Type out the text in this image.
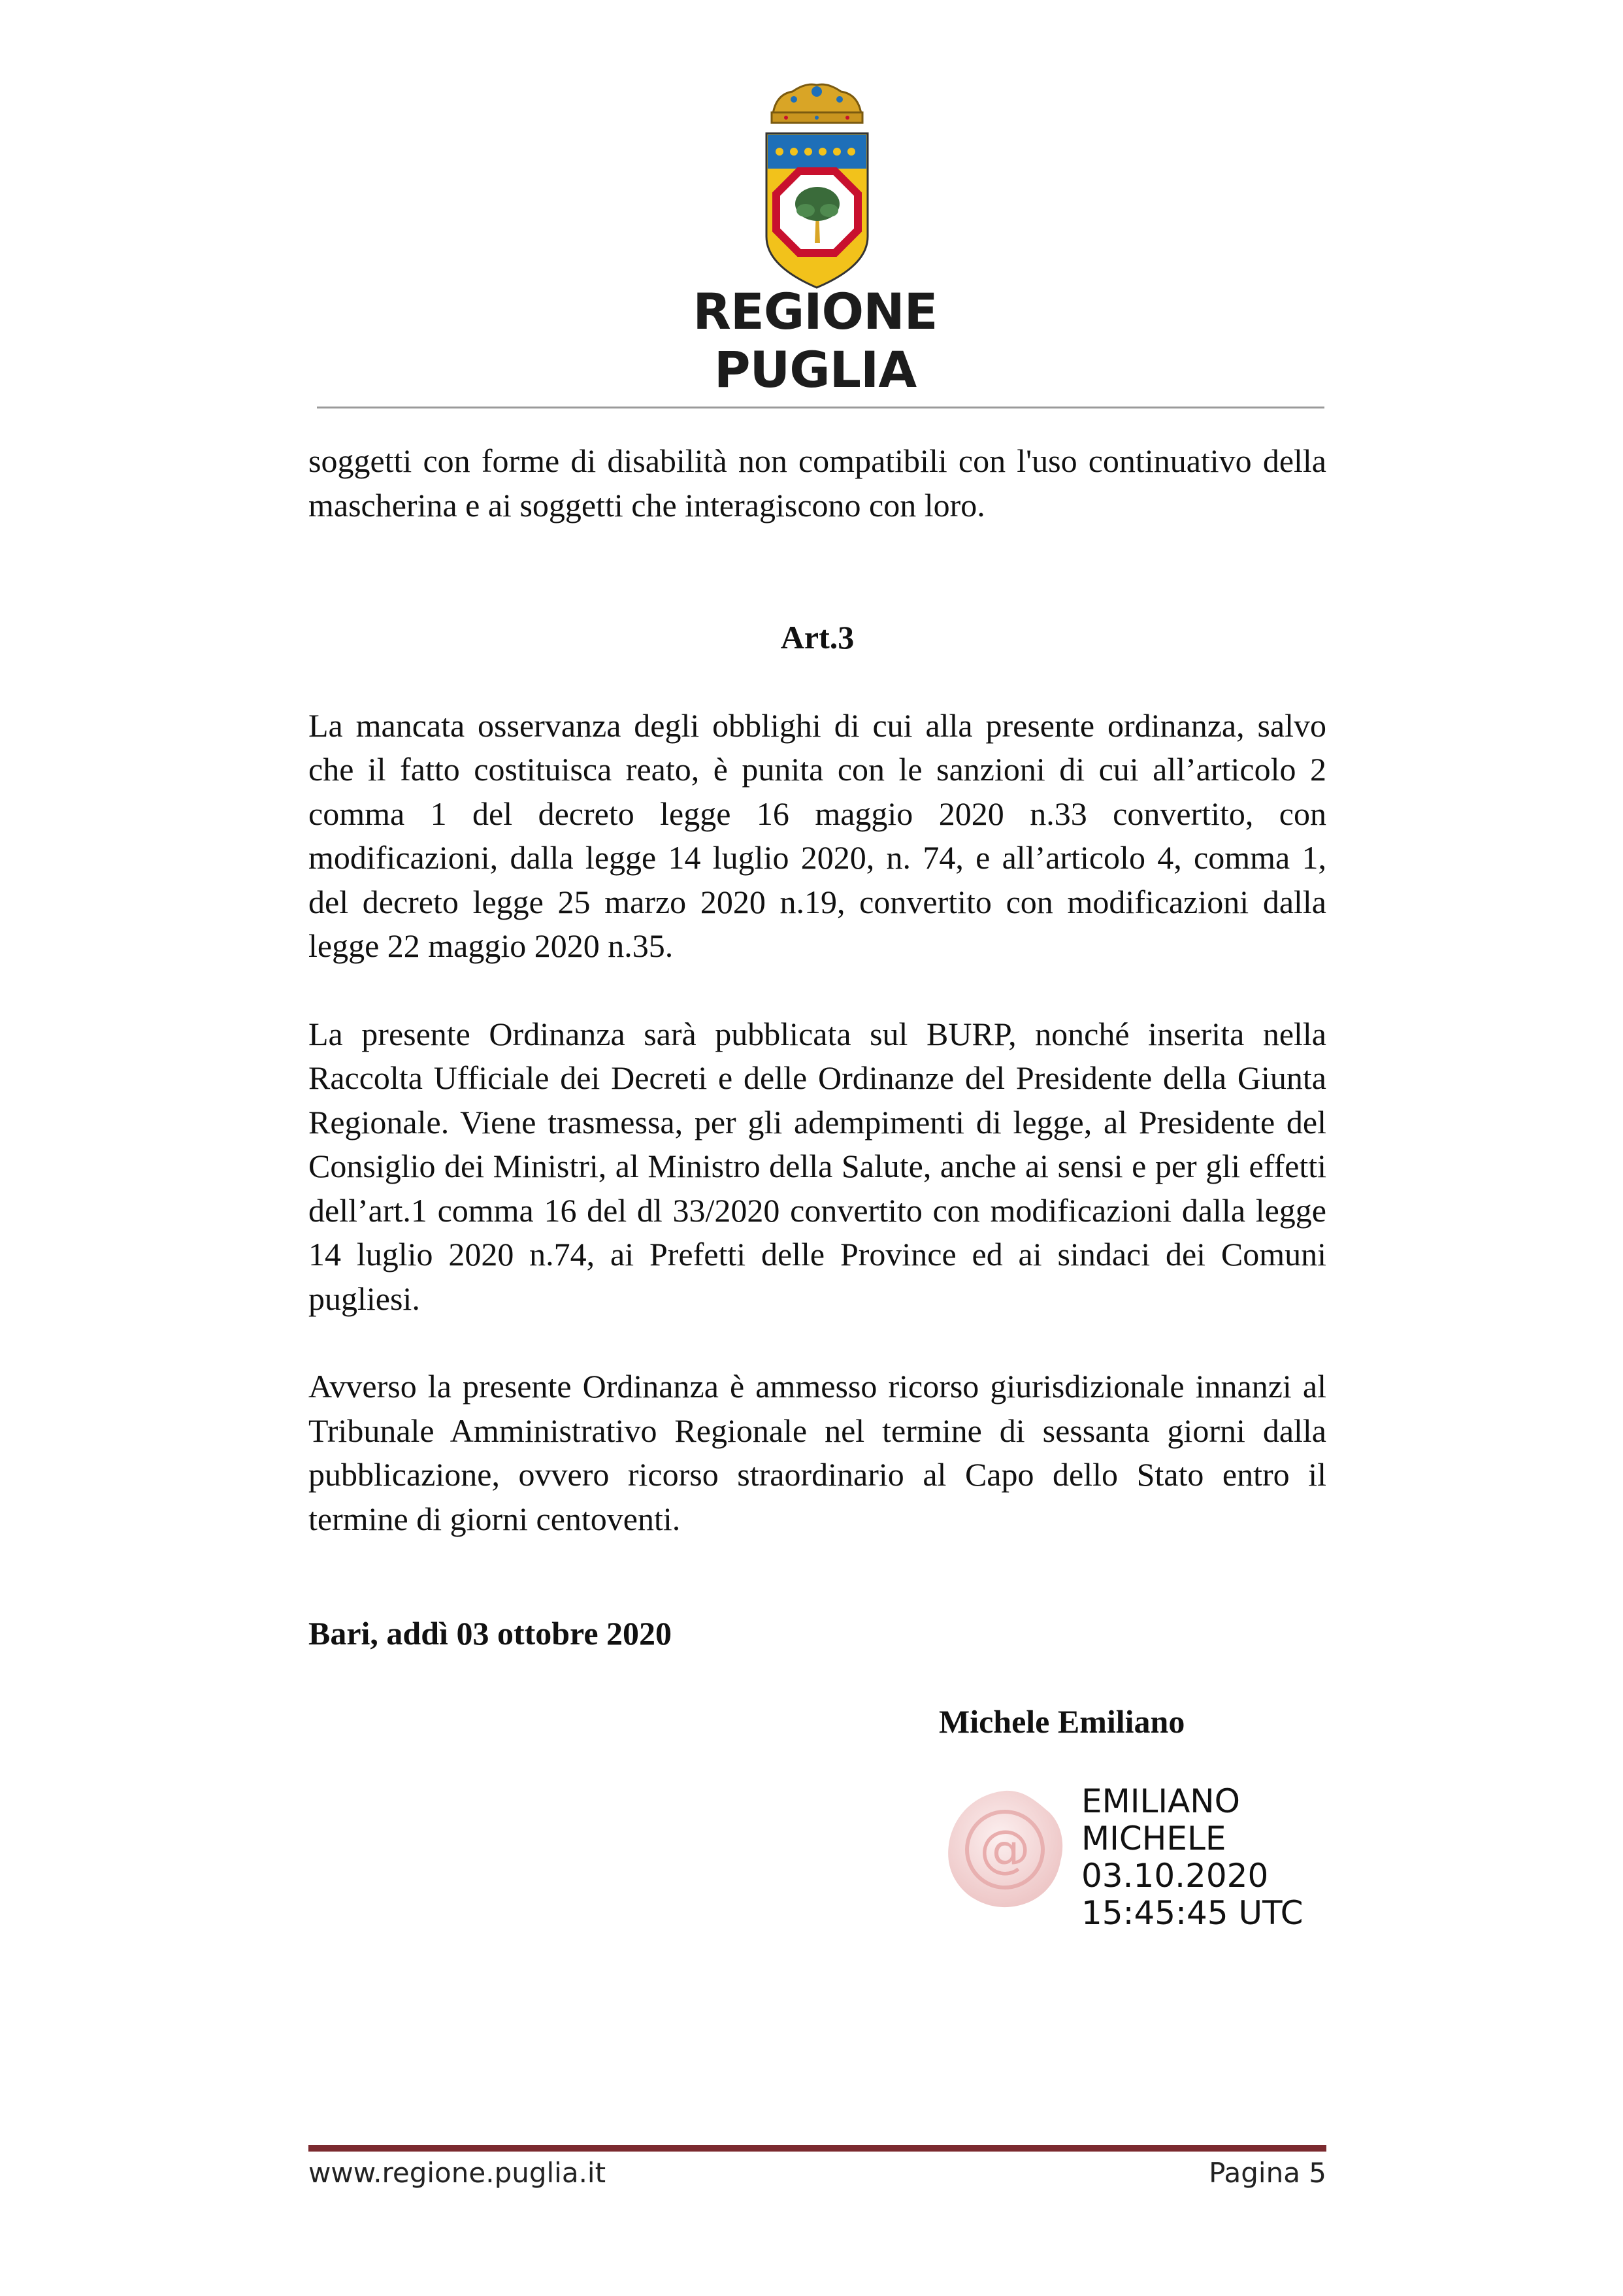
REGIONE PUGLIA

soggetti con forme di disabilità non compatibili con l'uso continuativo della mascherina e ai soggetti che interagiscono con loro.

Art.3

La mancata osservanza degli obblighi di cui alla presente ordinanza, salvo che il fatto costituisca reato, è punita con le sanzioni di cui all’articolo 2 comma 1 del decreto legge 16 maggio 2020 n.33 convertito, con modificazioni, dalla legge 14 luglio 2020, n. 74, e all’articolo 4, comma 1, del decreto legge 25 marzo 2020 n.19, convertito con modificazioni dalla legge 22 maggio 2020 n.35.

La presente Ordinanza sarà pubblicata sul BURP, nonché inserita nella Raccolta Ufficiale dei Decreti e delle Ordinanze del Presidente della Giunta Regionale. Viene trasmessa, per gli adempimenti di legge, al Presidente del Consiglio dei Ministri, al Ministro della Salute, anche ai sensi e per gli effetti dell’art.1 comma 16 del dl 33/2020 convertito con modificazioni dalla legge 14 luglio 2020 n.74, ai Prefetti delle Province ed ai sindaci dei Comuni pugliesi.

Avverso la presente Ordinanza è ammesso ricorso giurisdizionale innanzi al Tribunale Amministrativo Regionale nel termine di sessanta giorni dalla pubblicazione, ovvero ricorso straordinario al Capo dello Stato entro il termine di giorni centoventi.

Bari, addì 03 ottobre 2020
Michele Emiliano
@
EMILIANO
MICHELE
03.10.2020
15:45:45 UTC
www.regione.puglia.it	Pagina 5
